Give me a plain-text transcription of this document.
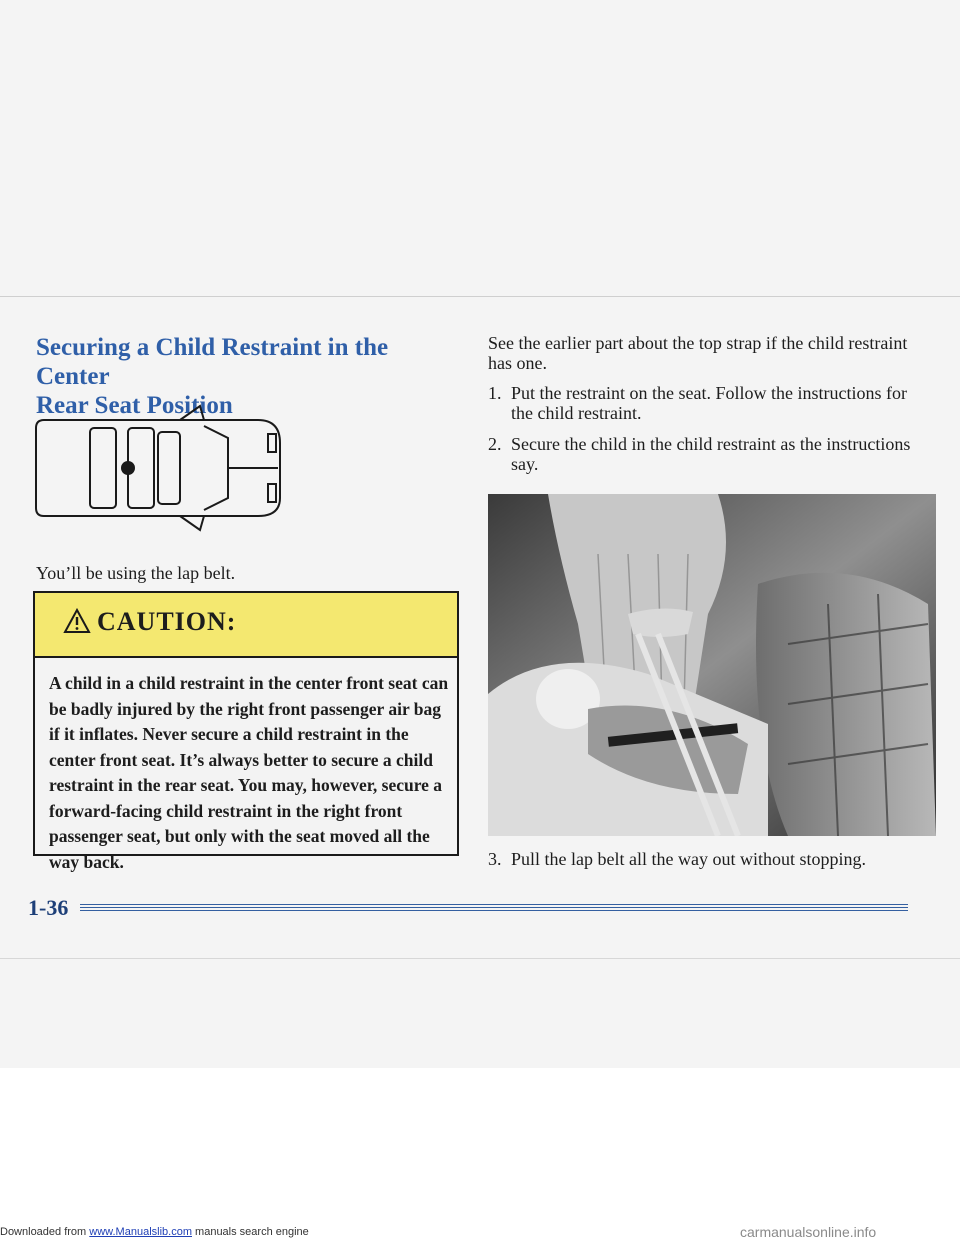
Securing a Child Restraint in the Center
Rear Seat Position
You’ll be using the lap belt.
CAUTION:
A child in a child restraint in the center front seat can be badly injured by the right front passenger air bag if it inflates. Never secure a child restraint in the center front seat. It’s always better to secure a child restraint in the rear seat. You may, however, secure a forward-facing child restraint in the right front passenger seat, but only with the seat moved all the way back.
See the earlier part about the top strap if the child restraint has one.
1. Put the restraint on the seat. Follow the instructions for the child restraint.
2. Secure the child in the child restraint as the instructions say.
3. Pull the lap belt all the way out without stopping.
1-36
Downloaded from www.Manualslib.com manuals search engine	carmanualsonline.info
